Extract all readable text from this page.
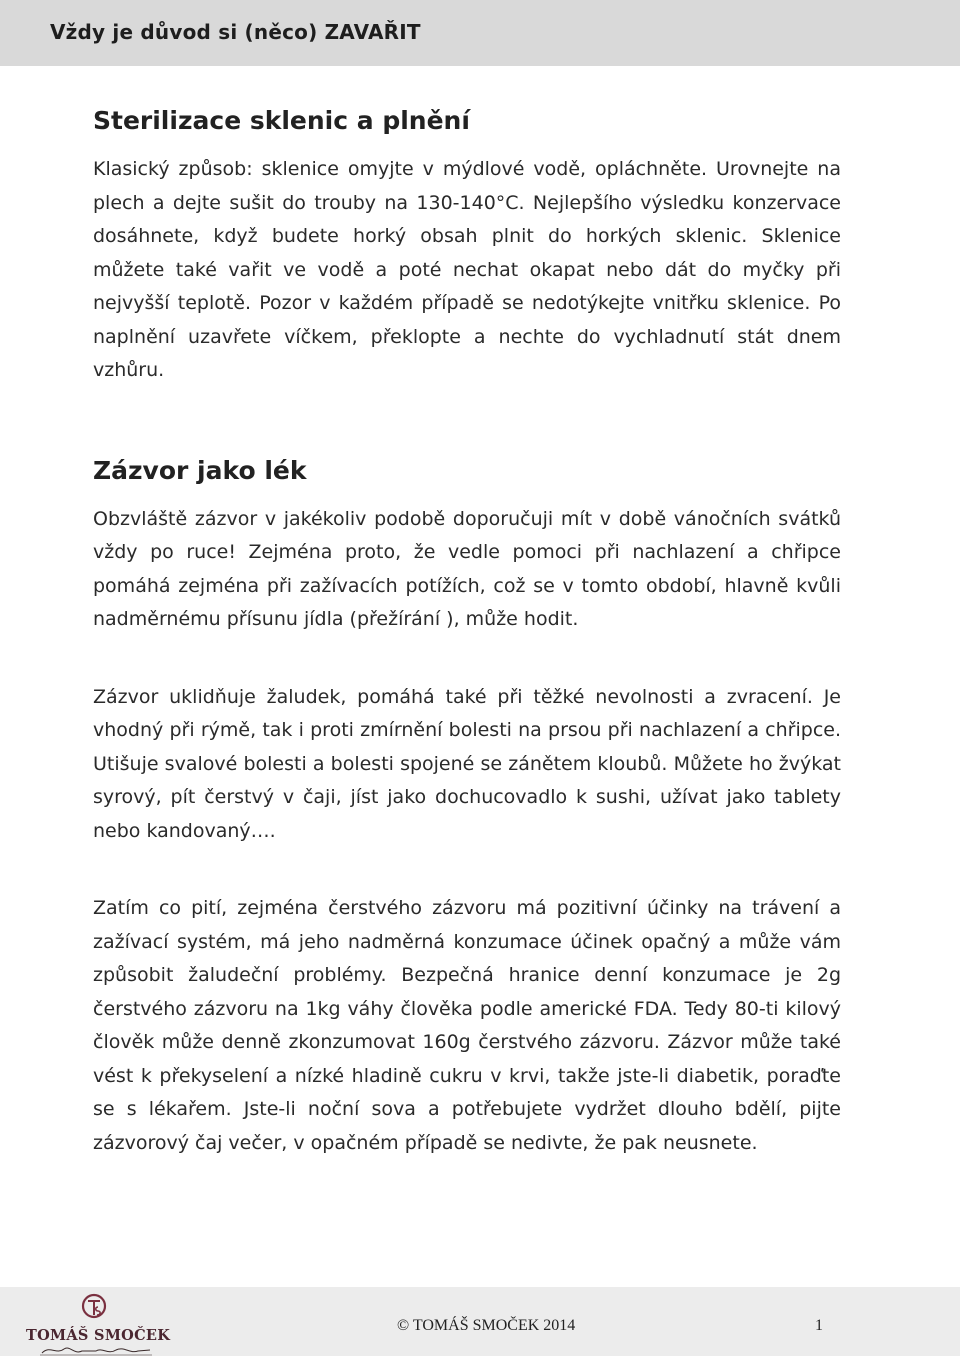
Vždy je důvod si (něco) ZAVAŘIT
Sterilizace sklenic a plnění

Klasický způsob: sklenice omyjte v mýdlové vodě, opláchněte. Urovnejte na plech a dejte sušit do trouby na 130-140°C. Nejlepšího výsledku konzervace dosáhnete, když budete horký obsah plnit do horkých sklenic. Sklenice můžete také vařit ve vodě a poté nechat okapat nebo dát do myčky při nejvyšší teplotě. Pozor v každém případě se nedotýkejte vnitřku sklenice. Po naplnění uzavřete víčkem, překlopte a nechte do vychladnutí stát dnem vzhůru.

Zázvor jako lék

Obzvláště zázvor v jakékoliv podobě doporučuji mít v době vánočních svátků vždy po ruce! Zejména proto, že vedle pomoci při nachlazení a chřipce pomáhá zejména při zažívacích potížích, což se v tomto období, hlavně kvůli nadměrnému přísunu jídla (přežírání ), může hodit.

Zázvor uklidňuje žaludek, pomáhá také při těžké nevolnosti a zvracení. Je vhodný při rýmě, tak i proti zmírnění bolesti na prsou při nachlazení a chřipce. Utišuje svalové bolesti a bolesti spojené se zánětem kloubů. Můžete ho žvýkat syrový, pít čerstvý v čaji, jíst jako dochucovadlo k sushi, užívat jako tablety nebo kandovaný….

Zatím co pití, zejména čerstvého zázvoru má pozitivní účinky na trávení a zažívací systém, má jeho nadměrná konzumace účinek opačný a může vám způsobit žaludeční problémy. Bezpečná hranice denní konzumace je 2g čerstvého zázvoru na 1kg váhy člověka podle americké FDA. Tedy 80-ti kilový člověk může denně zkonzumovat 160g čerstvého zázvoru. Zázvor může také vést k překyselení a nízké hladině cukru v krvi, takže jste-li diabetik, poraďte se s lékařem. Jste-li noční sova a potřebujete vydržet dlouho bdělí, pijte zázvorový čaj večer, v opačném případě se nedivte, že pak neusnete.

TOMÁŠ SMOČEK
© TOMÁŠ SMOČEK 2014	1
